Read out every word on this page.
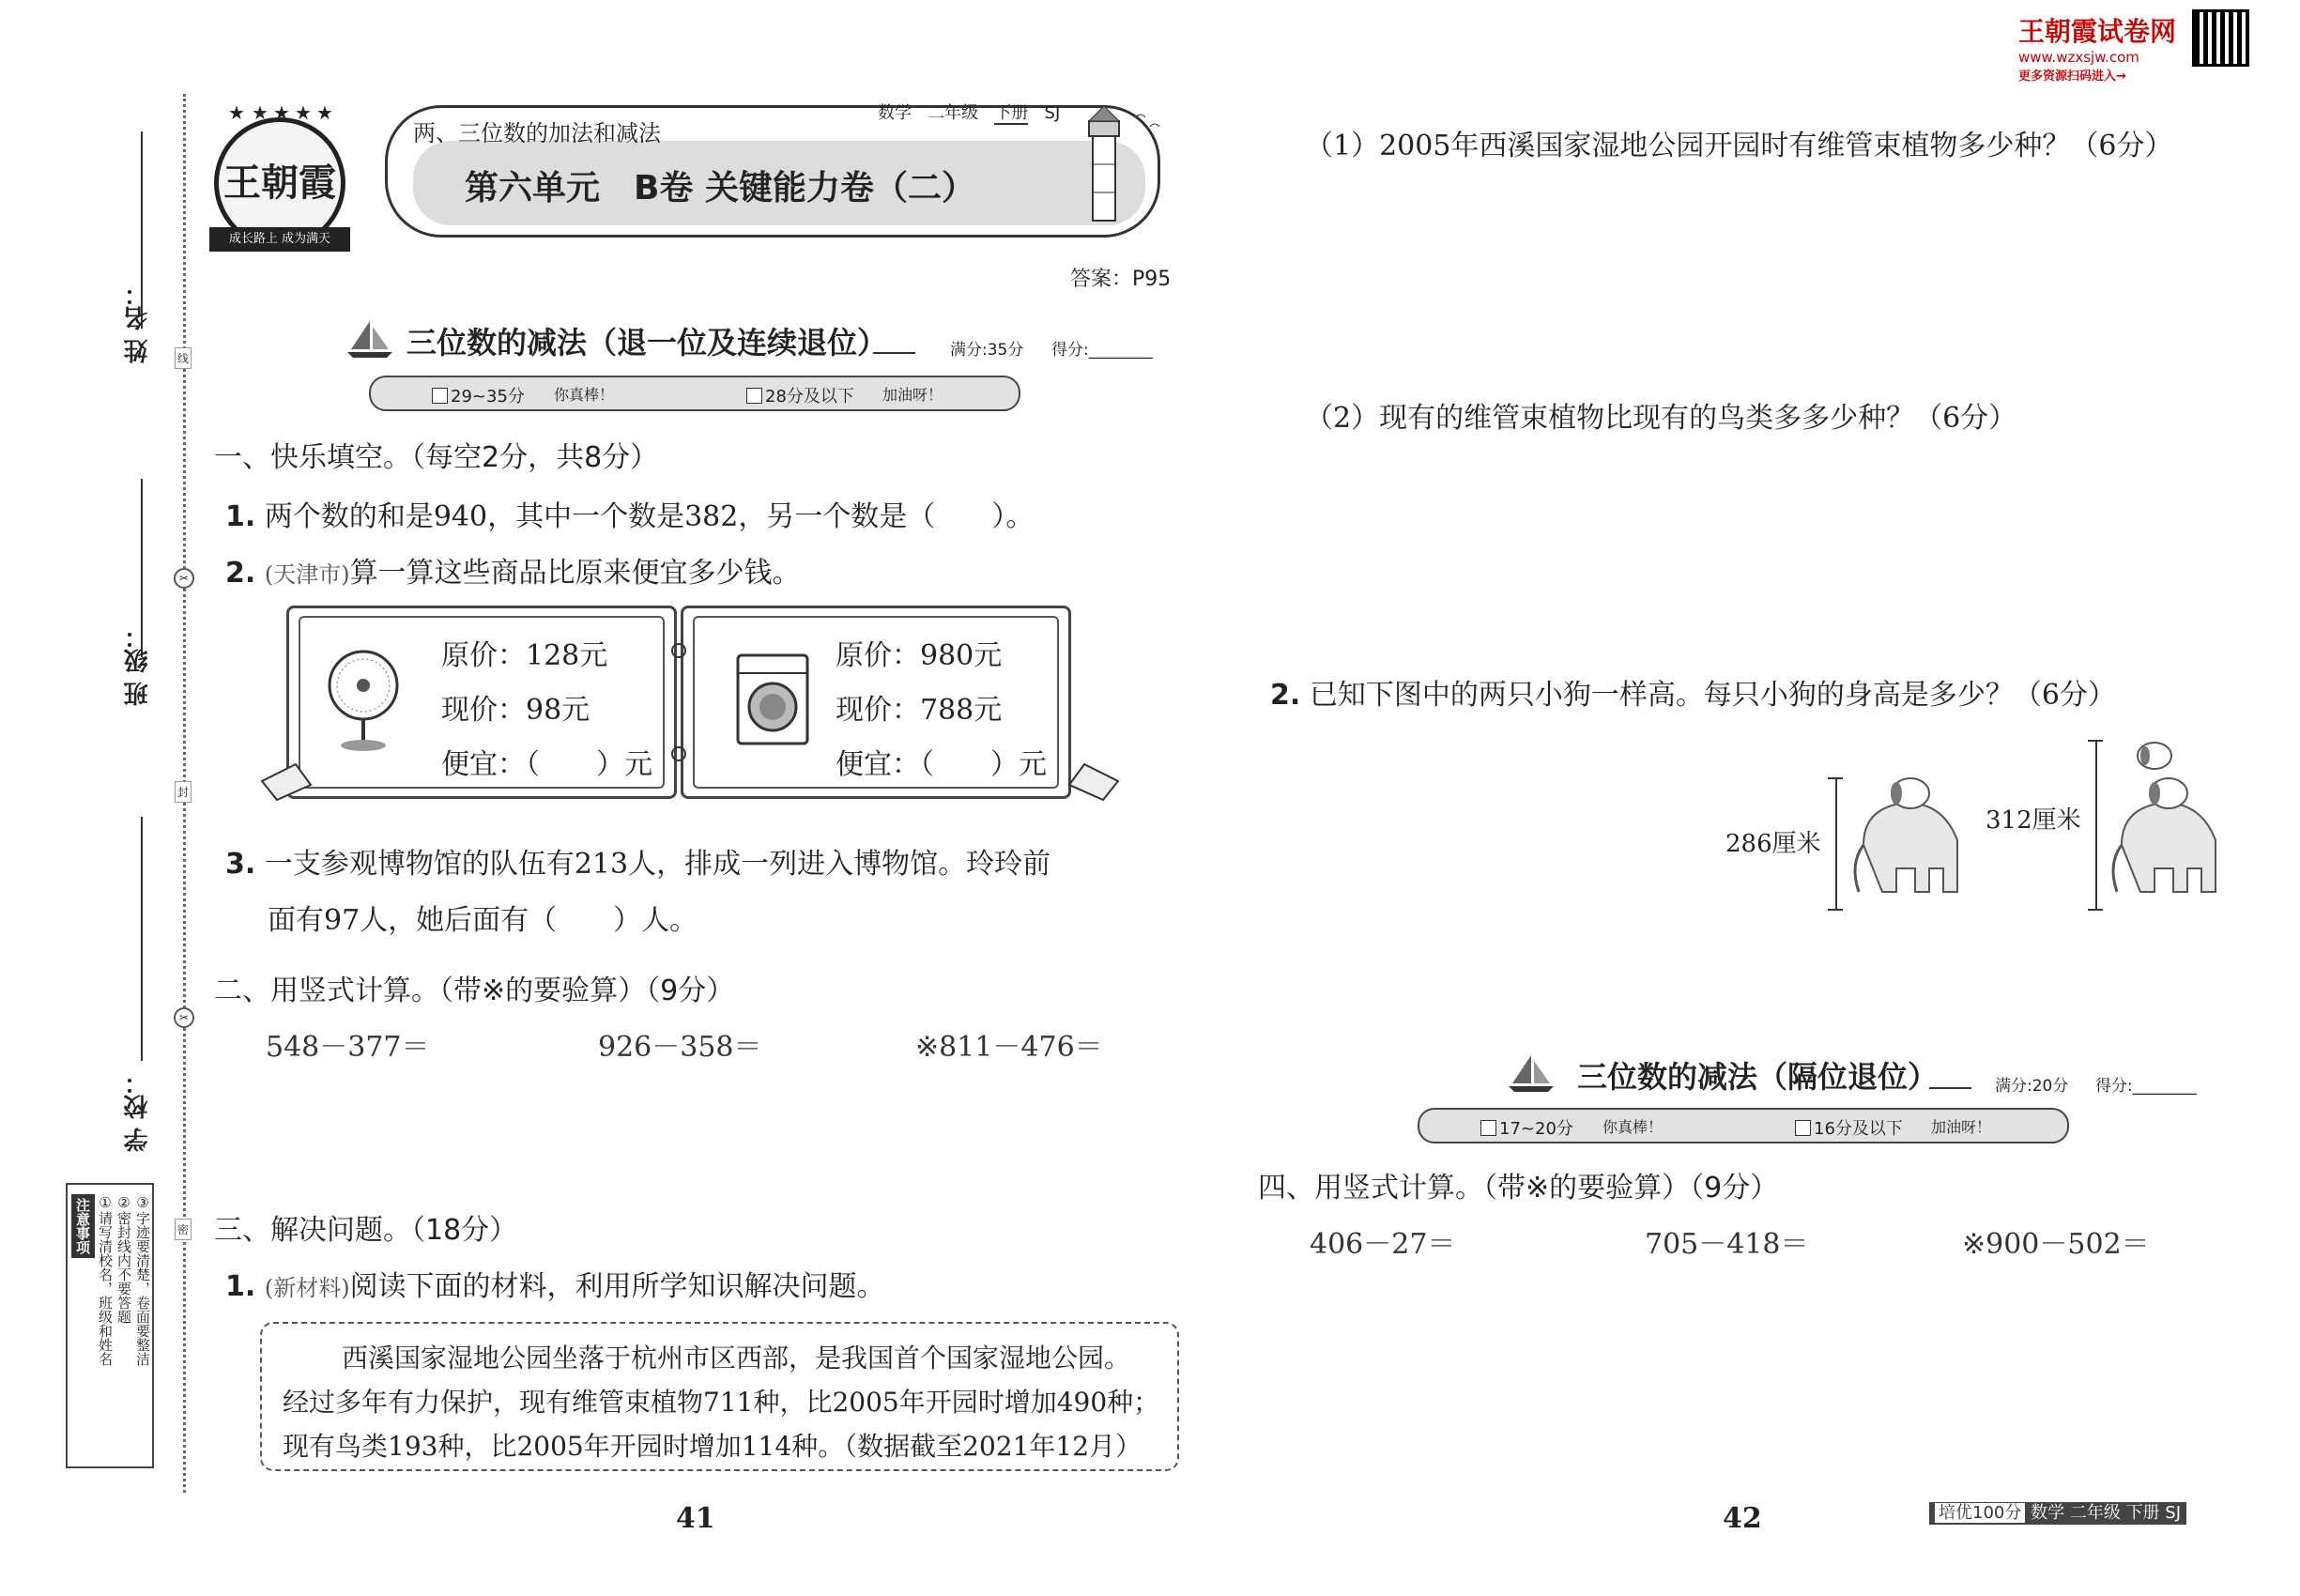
王朝霞试卷网
www.wzxsjw.com
更多资源扫码进入→
姓 名：
班 级：
学 校：
线
封
密
✂
✂
注意事项 ①请写清校名，班级和姓名 ②密封线内不要答题 ③字迹要清楚，卷面要整洁
★ ★ ★ ★ ★
王朝霞
成长路上 成为满天
两、三位数的加法和减法
数学 二年级 下册 SJ
第六单元　B卷 关键能力卷（二）
答案：P95
三位数的减法（退一位及连续退位）	满分:35分 得分:________
29~35分 你真棒！	28分及以下 加油呀！
一、快乐填空。（每空2分，共8分）
1. 两个数的和是940，其中一个数是382，另一个数是（　　）。
2. (天津市)算一算这些商品比原来便宜多少钱。
原价：128元
现价：98元
便宜：（　　）元
原价：980元
现价：788元
便宜：（　　）元
3. 一支参观博物馆的队伍有213人，排成一列进入博物馆。玲玲前
面有97人，她后面有（　　）人。
二、用竖式计算。（带※的要验算）（9分）
548－377＝	926－358＝	※811－476＝
三、解决问题。（18分）
1. (新材料)阅读下面的材料，利用所学知识解决问题。

西溪国家湿地公园坐落于杭州市区西部，是我国首个国家湿地公园。

经过多年有力保护，现有维管束植物711种，比2005年开园时增加490种；

现有鸟类193种，比2005年开园时增加114种。（数据截至2021年12月）

41
（1）2005年西溪国家湿地公园开园时有维管束植物多少种？（6分）
（2）现有的维管束植物比现有的鸟类多多少种？（6分）
2. 已知下图中的两只小狗一样高。每只小狗的身高是多少？（6分）
286厘米
312厘米
三位数的减法（隔位退位）	满分:20分 得分:________
17~20分 你真棒！	16分及以下 加油呀！
四、用竖式计算。（带※的要验算）（9分）
406－27＝	705－418＝	※900－502＝
42	培优100分 数学 二年级 下册 SJ
